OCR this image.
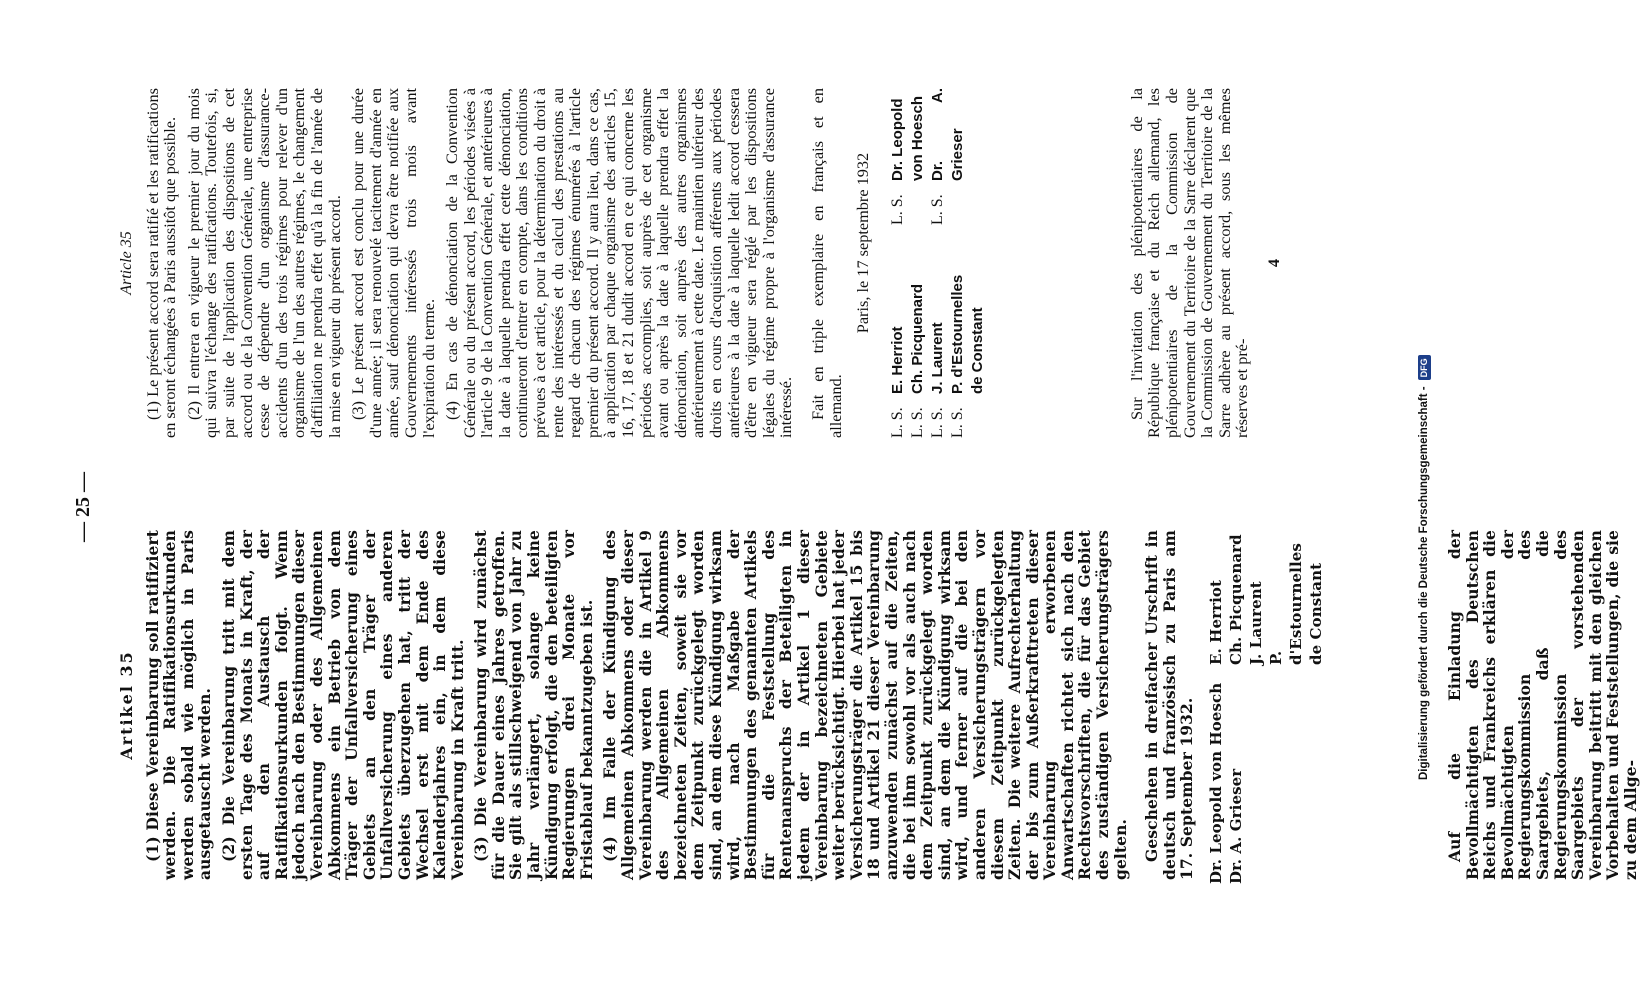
— 25 —
Artikel 35 (1) Diese Vereinbarung soll ratifiziert werden. Die Ratifikationsurkunden werden sobald wie möglich in Paris ausgetauscht werden. (2) Die Vereinbarung tritt mit dem ersten Tage des Monats in Kraft, der auf den Austausch der Ratifikationsurkunden folgt. Wenn jedoch nach den Bestimmungen dieser Vereinbarung oder des Allgemeinen Abkommens ein Betrieb von dem Träger der Unfallversicherung eines Gebiets an den Träger der Unfallversicherung eines anderen Gebiets überzugehen hat, tritt der Wechsel erst mit dem Ende des Kalenderjahres ein, in dem diese Vereinbarung in Kraft tritt. (3) Die Vereinbarung wird zunächst für die Dauer eines Jahres getroffen. Sie gilt als stillschweigend von Jahr zu Jahr verlängert, solange keine Kündigung erfolgt, die den beteiligten Regierungen drei Monate vor Fristablauf bekanntzugeben ist. (4) Im Falle der Kündigung des Allgemeinen Abkommens oder dieser Vereinbarung werden die in Artikel 9 des Allgemeinen Abkommens bezeichneten Zeiten, soweit sie vor dem Zeitpunkt zurückgelegt worden sind, an dem diese Kündigung wirksam wird, nach Maßgabe der Bestimmungen des genannten Artikels für die Feststellung des Rentenanspruchs der Beteiligten in jedem der in Artikel 1 dieser Vereinbarung bezeichneten Gebiete weiter berücksichtigt. Hierbei hat jeder Versicherungsträger die Artikel 15 bis 18 und Artikel 21 dieser Vereinbarung anzuwenden zunächst auf die Zeiten, die bei ihm sowohl vor als auch nach dem Zeitpunkt zurückgelegt worden sind, an dem die Kündigung wirksam wird, und ferner auf die bei den anderen Versicherungsträgern vor diesem Zeitpunkt zurückgelegten Zeiten. Die weitere Aufrechterhaltung der bis zum Außerkrafttreten dieser Vereinbarung erworbenen Anwartschaften richtet sich nach den Rechtsvorschriften, die für das Gebiet des zuständigen Versicherungsträgers gelten. Geschehen in dreifacher Urschrift in deutsch und französisch zu Paris am 17. September 1932. Dr. Leopold von Hoesch Dr. A. Grieser
E. Herriot Ch. Picquenard J. Laurent P. d'Estournelles
de Constant	Auf die Einladung der Bevollmächtigten des Deutschen Reichs und Frankreichs erklären die Bevollmächtigten der Regierungskommission des Saargebiets, daß die Regierungskommission des Saargebiets der vorstehenden Vereinbarung beitritt mit den gleichen Vorbehalten und Feststellungen, die sie zu dem Allge-

Article 35 (1) Le présent accord sera ratifié et les ratifications en seront échangées à Paris aussitôt que possible. (2) Il entrera en vigueur le premier jour du mois qui suivra l'échange des ratifications. Toutefois, si, par suite de l'application des dispositions de cet accord ou de la Convention Générale, une entreprise cesse de dépendre d'un organisme d'assurance-accidents d'un des trois régimes pour relever d'un organisme de l'un des autres régimes, le changement d'affiliation ne prendra effet qu'à la fin de l'année de la mise en vigueur du présent accord. (3) Le présent accord est conclu pour une durée d'une année; il sera renouvelé tacitement d'année en année, sauf dénonciation qui devra être notifiée aux Gouvernements intéressés trois mois avant l'expiration du terme. (4) En cas de dénonciation de la Convention Générale ou du présent accord, les périodes visées à l'article 9 de la Convention Générale, et antérieures à la date à laquelle prendra effet cette dénonciation, continueront d'entrer en compte, dans les conditions prévues à cet article, pour la détermination du droit à rente des intéressés et du calcul des prestations au regard de chacun des régimes énumérés à l'article premier du présent accord. Il y aura lieu, dans ce cas, à application par chaque organisme des articles 15, 16, 17, 18 et 21 dudit accord en ce qui concerne les périodes accomplies, soit auprès de cet organisme avant ou après la date à laquelle prendra effet la dénonciation, soit auprès des autres organismes antérieurement à cette date. Le maintien ultérieur des droits en cours d'acquisition afférents aux périodes antérieures à la date à laquelle ledit accord cessera d'être en vigueur sera réglé par les dispositions légales du régime propre à l'organisme d'assurance intéressé. Fait en triple exemplaire en français et en allemand.

Paris, le 17 septembre 1932
L. S.
E. Herriot
L. S.
Ch. Picquenard
L. S.
J. Laurent
L. S.
P. d'Estournelles
de Constant
L. S.
Dr. Leopold
von Hoesch
L. S.
Dr. A. Grieser	Sur l'invitation des plénipotentiaires de la République française et du Reich allemand, les plénipotentiaires de la Commission de Gouvernement du Territoire de la Sarre déclarent que la Commission de Gouvernement du Territoire de la Sarre adhère au présent accord, sous les mêmes réserves et pré-

4
Digitalisierung gefördert durch die Deutsche Forschungsgemeinschaft -DFG
